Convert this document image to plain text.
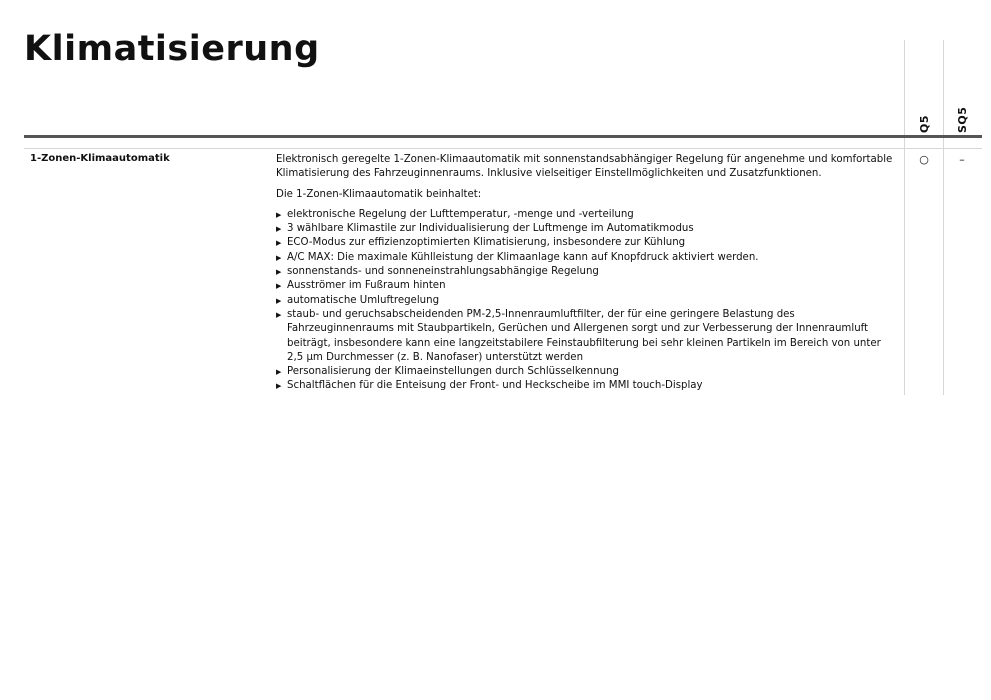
Klimatisierung
Q5 SQ5
1-Zonen-Klimaautomatik	Elektronisch geregelte 1-Zonen-Klimaautomatik mit sonnenstandsabhängiger Regelung für angenehme und komfortable Klimatisierung des Fahrzeuginnenraums. Inklusive vielseitiger Einstellmöglichkeiten und Zusatzfunktionen.

Die 1-Zonen-Klimaautomatik beinhaltet:

▶ elektronische Regelung der Lufttemperatur, -menge und -verteilung
▶ 3 wählbare Klimastile zur Individualisierung der Luftmenge im Automatikmodus
▶ ECO-Modus zur effizienzoptimierten Klimatisierung, insbesondere zur Kühlung
▶ A/C MAX: Die maximale Kühlleistung der Klimaanlage kann auf Knopfdruck aktiviert werden.
▶ sonnenstands- und sonneneinstrahlungsabhängige Regelung
▶ Ausströmer im Fußraum hinten
▶ automatische Umluftregelung
▶ staub- und geruchsabscheidenden PM-2,5-Innenraumluftfilter, der für eine geringere Belastung des Fahrzeuginnenraums mit Staubpartikeln, Gerüchen und Allergenen sorgt und zur Verbesserung der Innenraumluft beiträgt, insbesondere kann eine langzeitstabilere Feinstaubfilterung bei sehr kleinen Partikeln im Bereich von unter 2,5 µm Durchmesser (z. B. Nanofaser) unterstützt werden
▶ Personalisierung der Klimaeinstellungen durch Schlüsselkennung
▶ Schaltflächen für die Enteisung der Front- und Heckscheibe im MMI touch-Display
○	–
